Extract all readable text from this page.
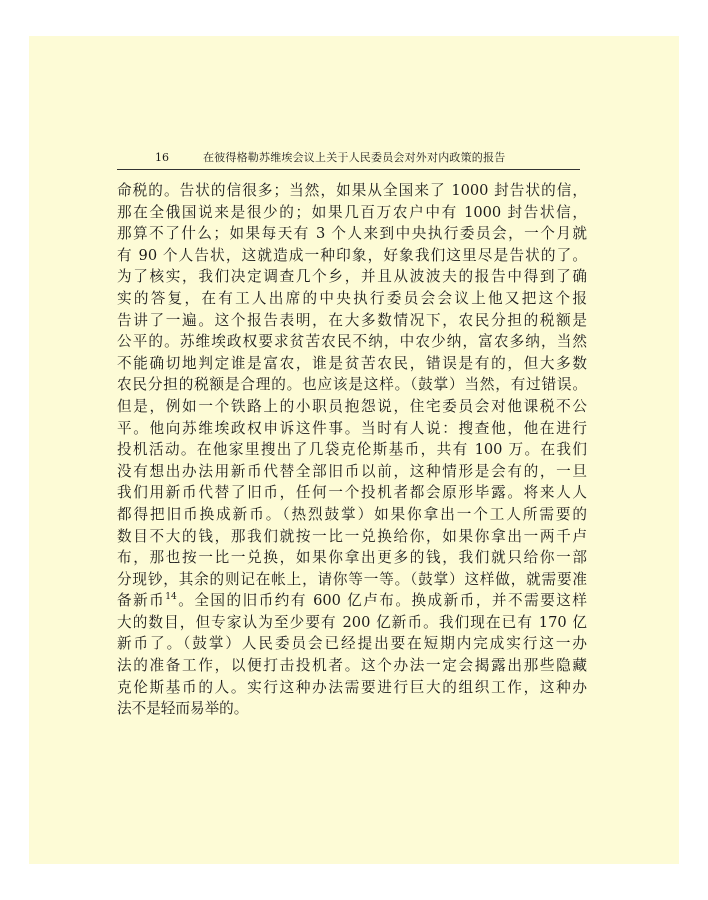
16	在彼得格勒苏维埃会议上关于人民委员会对外对内政策的报告
命税的。告状的信很多；当然，如果从全国来了 1000 封告状的信，
那在全俄国说来是很少的；如果几百万农户中有 1000 封告状信，
那算不了什么；如果每天有 3 个人来到中央执行委员会，一个月就
有 90 个人告状，这就造成一种印象，好象我们这里尽是告状的了。
为了核实，我们决定调查几个乡，并且从波波夫的报告中得到了确
实的答复，在有工人出席的中央执行委员会会议上他又把这个报
告讲了一遍。这个报告表明，在大多数情况下，农民分担的税额是
公平的。苏维埃政权要求贫苦农民不纳，中农少纳，富农多纳，当然
不能确切地判定谁是富农，谁是贫苦农民，错误是有的，但大多数
农民分担的税额是合理的。也应该是这样。（鼓掌）当然，有过错误。
但是，例如一个铁路上的小职员抱怨说，住宅委员会对他课税不公
平。他向苏维埃政权申诉这件事。当时有人说：搜查他，他在进行
投机活动。在他家里搜出了几袋克伦斯基币，共有 100 万。在我们
没有想出办法用新币代替全部旧币以前，这种情形是会有的，一旦
我们用新币代替了旧币，任何一个投机者都会原形毕露。将来人人
都得把旧币换成新币。（热烈鼓掌）如果你拿出一个工人所需要的
数目不大的钱，那我们就按一比一兑换给你，如果你拿出一两千卢
布，那也按一比一兑换，如果你拿出更多的钱，我们就只给你一部
分现钞，其余的则记在帐上，请你等一等。（鼓掌）这样做，就需要准
备新币$^{14}$。全国的旧币约有 600 亿卢布。换成新币，并不需要这样
大的数目，但专家认为至少要有 200 亿新币。我们现在已有 170 亿
新币了。（鼓掌）人民委员会已经提出要在短期内完成实行这一办
法的准备工作，以便打击投机者。这个办法一定会揭露出那些隐藏
克伦斯基币的人。实行这种办法需要进行巨大的组织工作，这种办
法不是轻而易举的。
